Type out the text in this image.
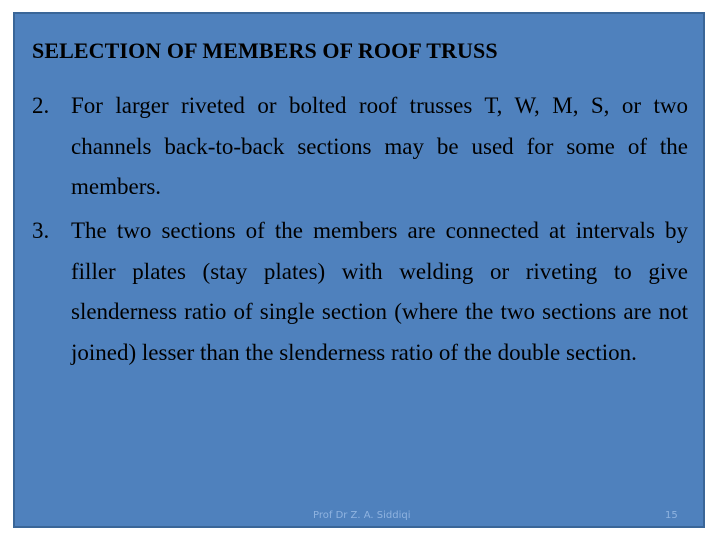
SELECTION OF MEMBERS OF ROOF TRUSS
2. For larger riveted or bolted roof trusses T, W, M, S, or two channels back-to-back sections may be used for some of the members.
3. The two sections of the members are connected at intervals by filler plates (stay plates) with welding or riveting to give slenderness ratio of single section (where the two sections are not joined) lesser than the slenderness ratio of the double section.
Prof Dr Z. A. Siddiqi	15
